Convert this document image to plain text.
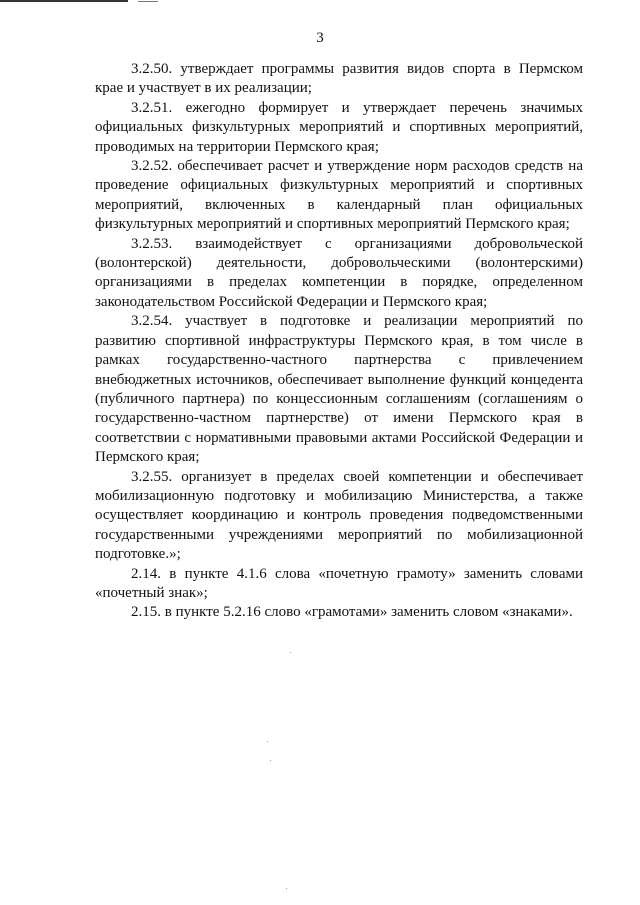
3

3.2.50. утверждает программы развития видов спорта в Пермском крае и участвует в их реализации;

3.2.51. ежегодно формирует и утверждает перечень значимых официальных физкультурных мероприятий и спортивных мероприятий, проводимых на территории Пермского края;

3.2.52. обеспечивает расчет и утверждение норм расходов средств на проведение официальных физкультурных мероприятий и спортивных мероприятий, включенных в календарный план официальных физкультурных мероприятий и спортивных мероприятий Пермского края;

3.2.53. взаимодействует с организациями добровольческой (волонтерской) деятельности, добровольческими (волонтерскими) организациями в пределах компетенции в порядке, определенном законодательством Российской Федерации и Пермского края;

3.2.54. участвует в подготовке и реализации мероприятий по развитию спортивной инфраструктуры Пермского края, в том числе в рамках государственно-частного партнерства с привлечением внебюджетных источников, обеспечивает выполнение функций концедента (публичного партнера) по концессионным соглашениям (соглашениям о государственно-частном партнерстве) от имени Пермского края в соответствии с нормативными правовыми актами Российской Федерации и Пермского края;

3.2.55. организует в пределах своей компетенции и обеспечивает мобилизационную подготовку и мобилизацию Министерства, а также осуществляет координацию и контроль проведения подведомственными государственными учреждениями мероприятий по мобилизационной подготовке.»;

2.14. в пункте 4.1.6 слова «почетную грамоту» заменить словами «почетный знак»;

2.15. в пункте 5.2.16 слово «грамотами» заменить словом «знаками».
